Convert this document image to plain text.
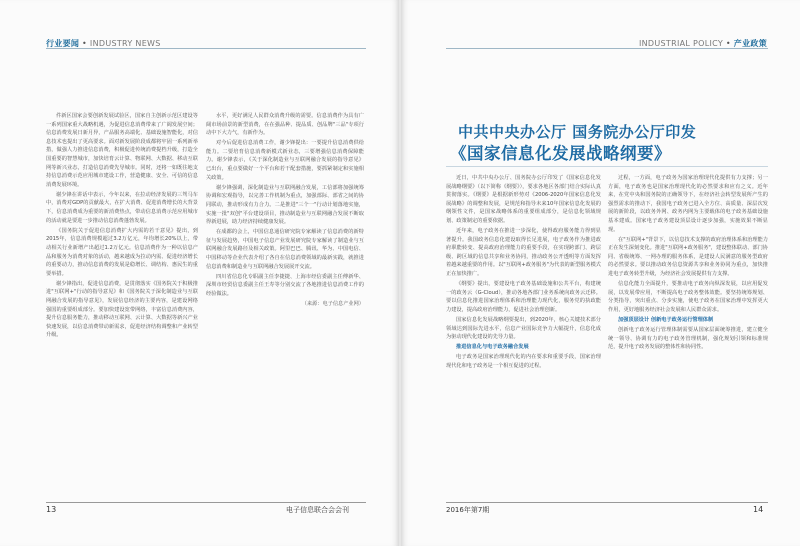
行业要闻 • INDUSTRY NEWS

件新区国家会要创新发展试验区，国家自主创新示范区建设等一系列国家重大战略机遇，为促进信息消费带来了广阔发展空间；信息消费发展日新月异，产品服务高端化、基础设施智能化，对信息技术也提出了更高要求。面对新发展阶段成都将牢固一系列新举措，做强人力推进信息消费，积极促进传统消费提档升级，打造全国重要的智慧城市，加快培育云计算、物联网、大数据、移动互联网等新兴业态，打造信息消费先导城市。同时，还将一如既往地支持信息消费示范应用城市建设工作，营造健康、安全、可信的信息消费发展环境。

谢少锋在讲话中表示，今年以来，在拉动经济发展的三驾马车中，消费对GDP的贡献最大，在扩大消费、促进消费增长的大背景下，信息消费成为重要的新消费热点，带动信息消费示范应用城市的活动就是要进一步推动信息消费蓬勃发展。

《国务院关于促进信息消费扩大内需的若干意见》提出，到2015年，信息消费规模超过3.2万亿元，年均增长20%以上，带动相关行业新增产出超过1.2万亿元。信息消费作为一种以信息产品和服务为消费对象的活动，越来越成为拉动内需、促进经济增长的重要动力，推动信息消费的发展是稳增长、调结构、惠民生的重要举措。

谢少锋指出，促进信息消费，是贯彻落实《国务院关于积极推进"互联网+"行动的指导意见》和《国务院关于深化制造业与互联网融合发展的指导意见》，发展信息经济的主要内容，是建设网络强国的重要组成部分。要加快建设宽带网络，丰富信息消费内容，提升信息服务能力，推动移动互联网、云计算、大数据等新兴产业快速发展，以信息消费带动新需求，促进经济结构调整和产业转型升级。

水平，更好满足人民群众消费升级的需要。信息消费作为具有广阔市场前景的新型消费，在在强品种、提品质、创品牌"三品"专项行动中下大力气，有新作为。

对今后促进信息消费工作，谢少锋提出：一要提升信息消费供给能力。二要培育信息消费新模式新业态，三要增强信息消费保障能力。谢少锋表示，《关于深化制造业与互联网融合发展的指导意见》已出台，重点要做好一个平台和若干配套措施，要抓紧制定和实施相关政策。

谢少锋强调，深化制造业与互联网融合发展，工信部将加强统筹协调和宏观指导，以完善工作机制为重点，加强部际、部省之间的协同联动，推动形成有力合力。二是推进"三个一"行动计划落地实施，实施一批"双创"平台建设项目，推动制造业与互联网融合发展不断取得新进展，助力经济持续健康发展。

在成都的会上，中国信息通信研究院专家解读了信息消费的新特征与发展趋势，中国电子信息产业发展研究院专家解读了制造业与互联网融合发展路径及相关政策。阿里巴巴、腾讯、华为、中国电信、中国移动等企业代表介绍了各自在信息消费领域的最新实践，就推进信息消费和制造业与互联网融合发展展开交流。

四川省信息化专职副主任李捷捷、上海市经信委副主任傅新华、深圳市经贸信息委副主任王寿等分别交流了各地推进信息消费工作的经验做法。

（来源：电子信息产业网）

13	电子信息联合会会刊
INDUSTRIAL POLICY • 产业政策
2016年第7期	14
中共中央办公厅 国务院办公厅印发
《国家信息化发展战略纲要》

近日，中共中央办公厅、国务院办公厅印发了《国家信息化发展战略纲要》（以下简称《纲要》），要求各地区各部门结合实际认真贯彻落实。《纲要》是根据新形势对《2006-2020年国家信息化发展战略》的调整和发展，是规范和指导未来10年国家信息化发展的纲领性文件，是国家战略体系的重要组成部分，是信息化领域规划、政策制定的重要依据。

近年来，电子政务在推进一步深化，使得政府服务能力得到显著提升。我国政务信息化建设取得长足进展，电子政务作为推进政府职能转变、提高政府治理能力的重要手段，在实现跨部门、跨层级、跨区域的信息共享和业务协同，推动政务公开透明等方面发挥着越来越重要的作用。以"互联网+政务服务"为代表的新型服务模式正在加快推广。

《纲要》提出，要建设电子政务基础设施和公共平台，构建统一的政务云（G-Cloud），推动各地各部门业务系统向政务云迁移。要以信息化推进国家治理体系和治理能力现代化，服务党的执政能力建设，提高政府治理能力，促进社会治理创新。

国家信息化发展战略纲要提出，到2020年，核心关键技术部分领域达到国际先进水平，信息产业国际竞争力大幅提升，信息化成为驱动现代化建设的先导力量。

推进信息化与电子政务融合发展

电子政务是国家治理现代化的内在要求和重要手段，国家治理现代化和电子政务是一个相互促进的过程。

过程，一方面，电子政务为国家治理现代化提供有力支撑；另一方面，电子政务也是国家治理现代化的必然要求和应有之义。近年来，在党中央和国务院的正确领导下，在经济社会转型发展所产生的强烈需求的推动下，我国电子政务已进入全方位、高质量、深层次发展的新阶段，以政务外网、政务内网为主要载体的电子政务基础设施基本建成。国家电子政务建设顶层设计逐步加强，实施效果不断显现。

在"互联网+"背景下，以信息技术支撑的政府治理体系和治理能力正在发生深刻变化。推进"互联网+政务服务"，建设整体联动、部门协同、省级统筹、一网办理的服务体系，是建设人民满意的服务型政府的必然要求。要以推动政务信息资源共享和业务协同为重点，加快推进电子政务转型升级，为经济社会发展提供有力支撑。

信息化能力全面提升，要推动电子政务向纵深发展，以应用促发展，以发展带应用，不断提高电子政务整体效能。要坚持统筹规划、分类指导，突出重点、分步实施，使电子政务在国家治理中发挥更大作用，更好地服务经济社会发展和人民群众需求。

加强顶层设计 创新电子政务运行管理体制

创新电子政务运行管理体制需要从国家层面统筹推进，建立健全统一领导、协调有力的电子政务管理机制，强化规划引领和标准规范，提升电子政务发展的整体性和协同性。
